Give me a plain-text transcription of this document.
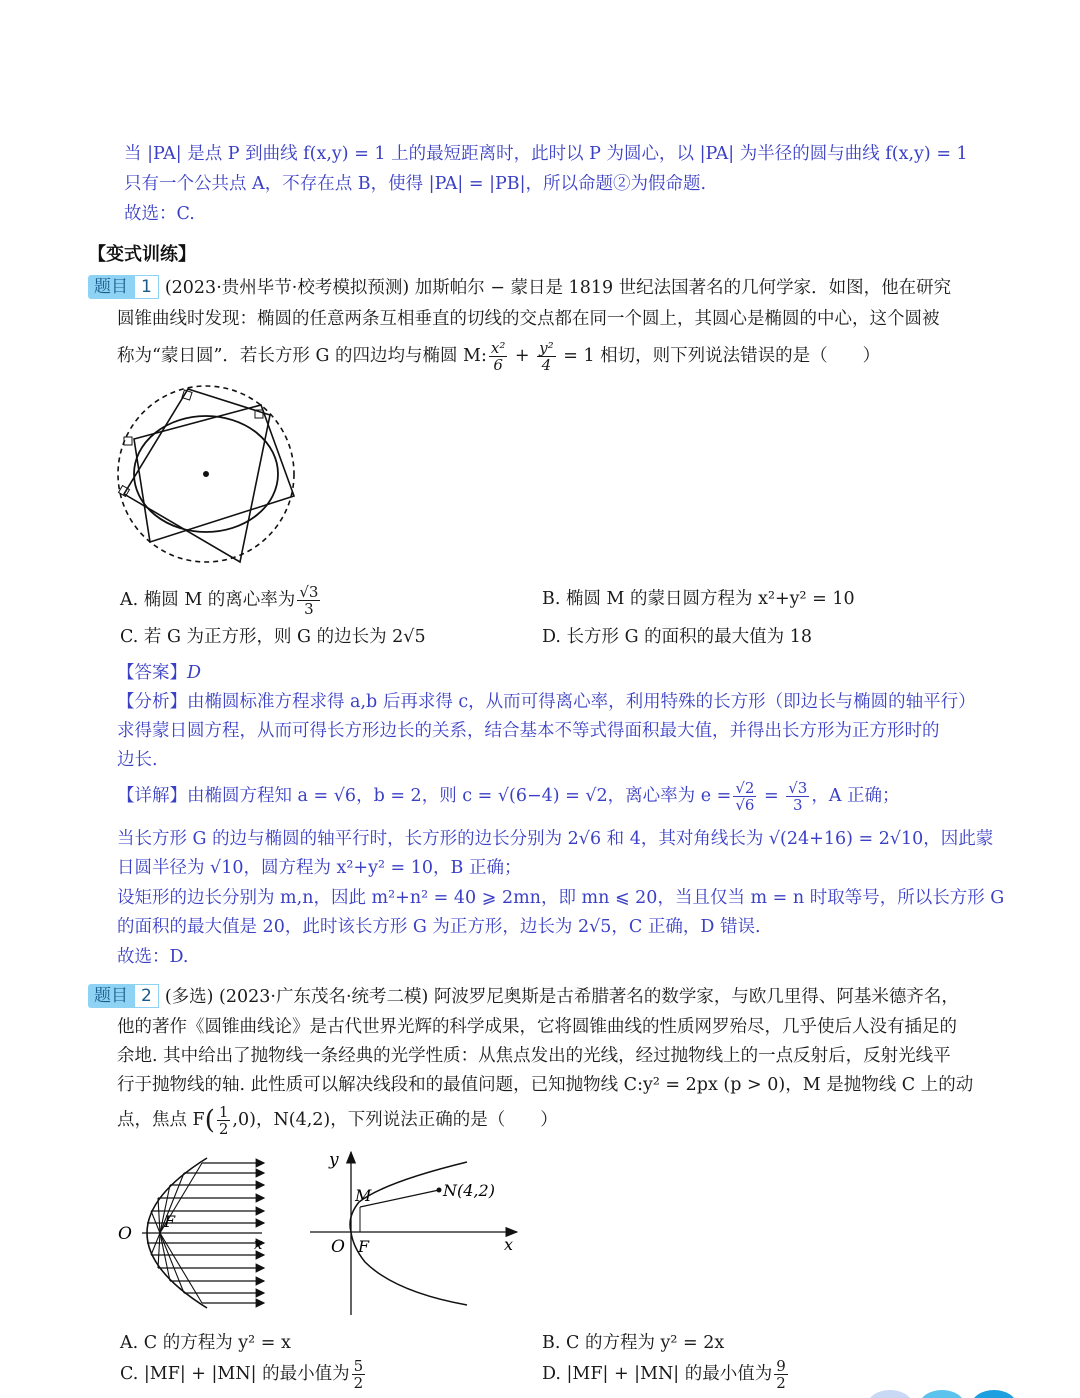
当 |PA| 是点 P 到曲线 f(x,y) = 1 上的最短距离时，此时以 P 为圆心，以 |PA| 为半径的圆与曲线 f(x,y) = 1
只有一个公共点 A，不存在点 B，使得 |PA| = |PB|，所以命题②为假命题.
故选：C.
【变式训练】
题目 1 (2023·贵州毕节·校考模拟预测) 加斯帕尔 − 蒙日是 1819 世纪法国著名的几何学家．如图，他在研究
圆锥曲线时发现：椭圆的任意两条互相垂直的切线的交点都在同一个圆上，其圆心是椭圆的中心，这个圆被
称为“蒙日圆”．若长方形 G 的四边均与椭圆 M: $\frac{\text{x²}}{6} + \frac{\text{y²}}{4} = 1$ 相切，则下列说法错误的是（　　）
A. 椭圆 M 的离心率为 $\frac{√3}{3}$	B. 椭圆 M 的蒙日圆方程为 x²+y² = 10
C. 若 G 为正方形，则 G 的边长为 2√5	D. 长方形 G 的面积的最大值为 18
【答案】D
【分析】由椭圆标准方程求得 a,b 后再求得 c，从而可得离心率，利用特殊的长方形（即边长与椭圆的轴平行）
求得蒙日圆方程，从而可得长方形边长的关系，结合基本不等式得面积最大值，并得出长方形为正方形时的
边长.
【详解】由椭圆方程知 a = √6，b = 2，则 c = √(6−4) = √2，离心率为 $e = \frac{√2}{√6} = \frac{√3}{3}$ ，A 正确；
当长方形 G 的边与椭圆的轴平行时，长方形的边长分别为 2√6 和 4，其对角线长为 √(24+16) = 2√10，因此蒙
日圆半径为 √10，圆方程为 x²+y² = 10，B 正确；
设矩形的边长分别为 m,n，因此 m²+n² = 40 ⩾ 2mn，即 mn ⩽ 20，当且仅当 m = n 时取等号，所以长方形 G
的面积的最大值是 20，此时该长方形 G 为正方形，边长为 2√5，C 正确，D 错误.
故选：D.
题目 2 (多选) (2023·广东茂名·统考二模) 阿波罗尼奥斯是古希腊著名的数学家，与欧几里得、阿基米德齐名，
他的著作《圆锥曲线论》是古代世界光辉的科学成果，它将圆锥曲线的性质网罗殆尽，几乎使后人没有插足的
余地. 其中给出了抛物线一条经典的光学性质：从焦点发出的光线，经过抛物线上的一点反射后，反射光线平
行于抛物线的轴. 此性质可以解决线段和的最值问题，已知抛物线 C:y² = 2px (p > 0)，M 是抛物线 C 上的动
点，焦点 $F( \frac{1}{2} ,0)$，N(4,2)，下列说法正确的是（　　）
O
F
x
y
M	N(4,2)
O F	x
A. C 的方程为 y² = x	B. C 的方程为 y² = 2x
C. |MF| + |MN| 的最小值为 $\frac{5}{2}$	D. |MF| + |MN| 的最小值为 $\frac{9}{2}$
